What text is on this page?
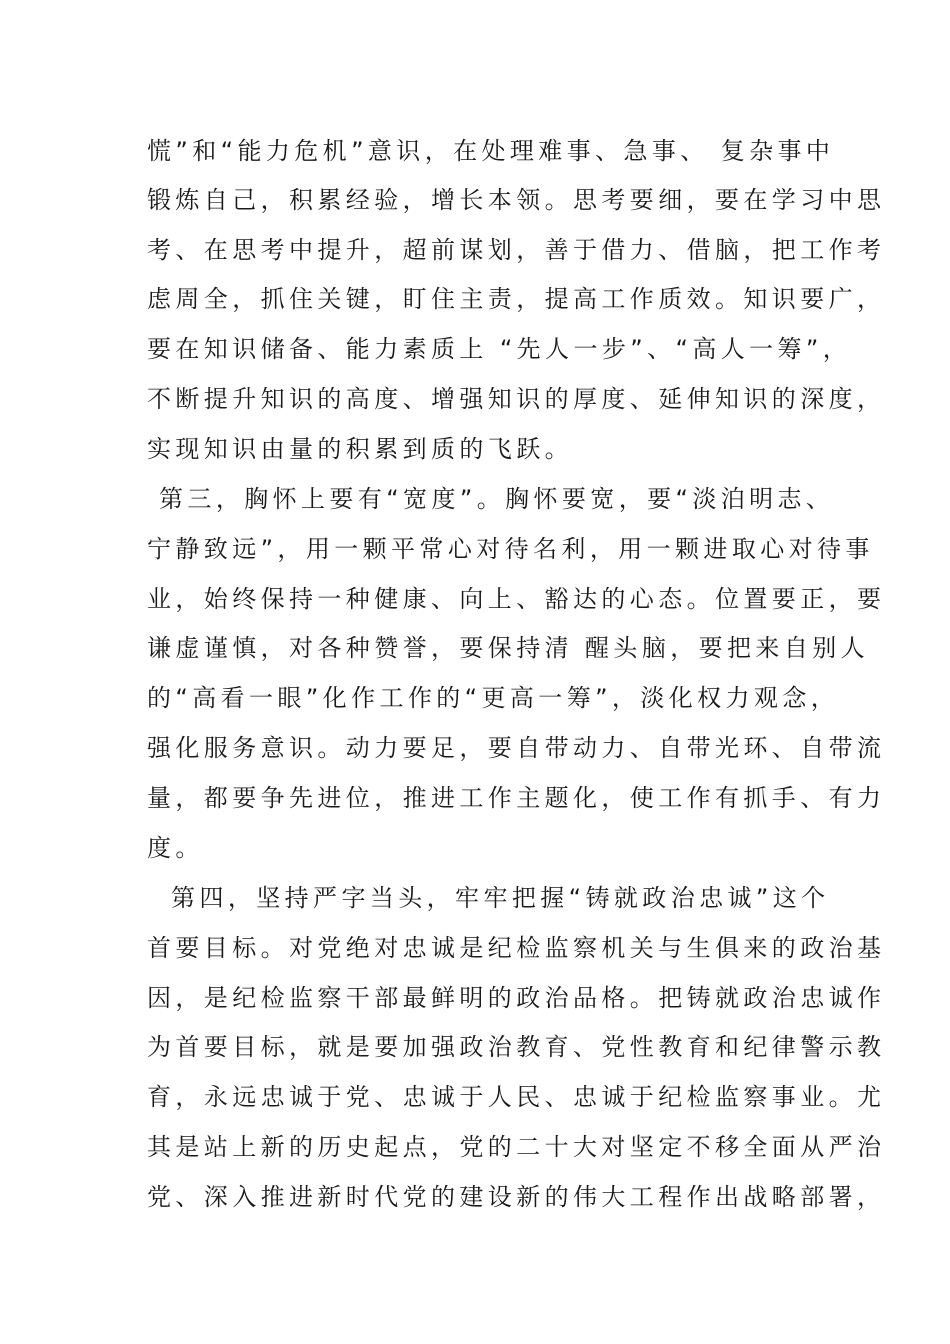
慌”和“能力危机”意识，在处理难事、急事、 复杂事中
锻炼自己，积累经验，增长本领。思考要细，要在学习中思
考、在思考中提升，超前谋划，善于借力、借脑，把工作考
虑周全，抓住关键，盯住主责，提高工作质效。知识要广，
要在知识储备、能力素质上 “先人一步”、“高人一筹”，
不断提升知识的高度、增强知识的厚度、延伸知识的深度，
实现知识由量的积累到质的飞跃。
第三，胸怀上要有“宽度”。胸怀要宽，要“淡泊明志、
宁静致远”，用一颗平常心对待名利，用一颗进取心对待事
业，始终保持一种健康、向上、豁达的心态。位置要正，要
谦虚谨慎，对各种赞誉，要保持清 醒头脑，要把来自别人
的“高看一眼”化作工作的“更高一筹”，淡化权力观念，
强化服务意识。动力要足，要自带动力、自带光环、自带流
量，都要争先进位，推进工作主题化，使工作有抓手、有力
度。
第四，坚持严字当头，牢牢把握“铸就政治忠诚”这个
首要目标。对党绝对忠诚是纪检监察机关与生俱来的政治基
因，是纪检监察干部最鲜明的政治品格。把铸就政治忠诚作
为首要目标，就是要加强政治教育、党性教育和纪律警示教
育，永远忠诚于党、忠诚于人民、忠诚于纪检监察事业。尤
其是站上新的历史起点，党的二十大对坚定不移全面从严治
党、深入推进新时代党的建设新的伟大工程作出战略部署，
